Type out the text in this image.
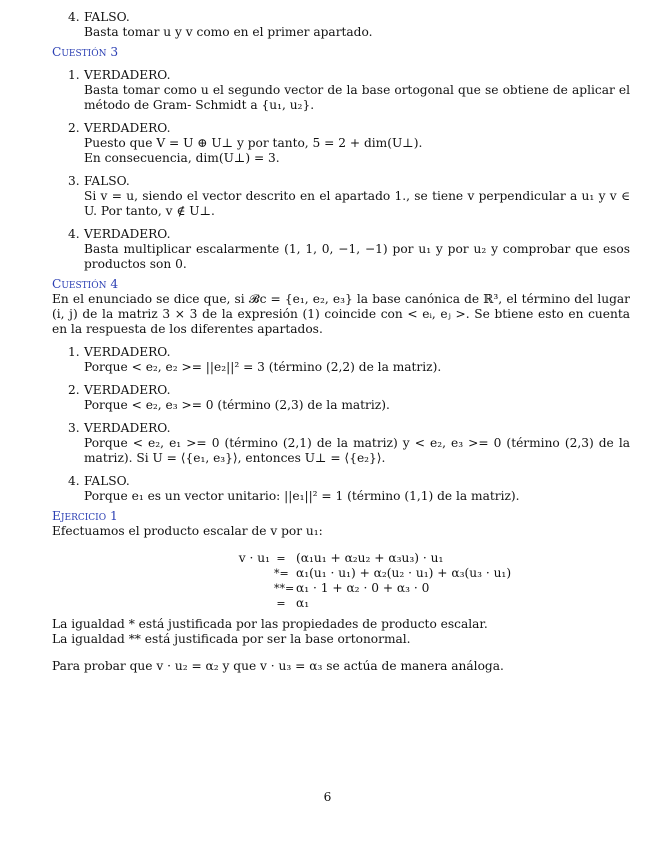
4. FALSO.
Basta tomar u y v como en el primer apartado.
Cuestión 3
1. VERDADERO.
Basta tomar como u el segundo vector de la base ortogonal que se obtiene de aplicar el método de Gram- Schmidt a {u₁, u₂}.
2. VERDADERO.
Puesto que V = U ⊕ U⊥ y por tanto, 5 = 2 + dim(U⊥).
En consecuencia, dim(U⊥) = 3.
3. FALSO.
Si v = u, siendo el vector descrito en el apartado 1., se tiene v perpendicular a u₁ y v ∈ U. Por tanto, v ∉ U⊥.
4. VERDADERO.
Basta multiplicar escalarmente (1, 1, 0, −1, −1) por u₁ y por u₂ y comprobar que esos productos son 0.
Cuestión 4
En el enunciado se dice que, si 𝓑c = {e₁, e₂, e₃} la base canónica de ℝ³, el término del lugar (i, j) de la matriz 3 × 3 de la expresión (1) coincide con < eᵢ, eⱼ >. Se btiene esto en cuenta en la respuesta de los diferentes apartados.
1. VERDADERO.
Porque < e₂, e₂ >= ||e₂||² = 3 (término (2,2) de la matriz).
2. VERDADERO.
Porque < e₂, e₃ >= 0 (término (2,3) de la matriz).
3. VERDADERO.
Porque < e₂, e₁ >= 0 (término (2,1) de la matriz) y < e₂, e₃ >= 0 (término (2,3) de la matriz). Si U = ⟨{e₁, e₃}⟩, entonces U⊥ = ⟨{e₂}⟩.
4. FALSO.
Porque e₁ es un vector unitario: ||e₁||² = 1 (término (1,1) de la matriz).
Ejercicio 1
Efectuamos el producto escalar de v por u₁:
v · u₁ = (α₁u₁ + α₂u₂ + α₃u₃) · u₁
*= α₁(u₁ · u₁) + α₂(u₂ · u₁) + α₃(u₃ · u₁)
**= α₁ · 1 + α₂ · 0 + α₃ · 0
= α₁
La igualdad * está justificada por las propiedades de producto escalar.
La igualdad ** está justificada por ser la base ortonormal.
Para probar que v · u₂ = α₂ y que v · u₃ = α₃ se actúa de manera análoga.
6
